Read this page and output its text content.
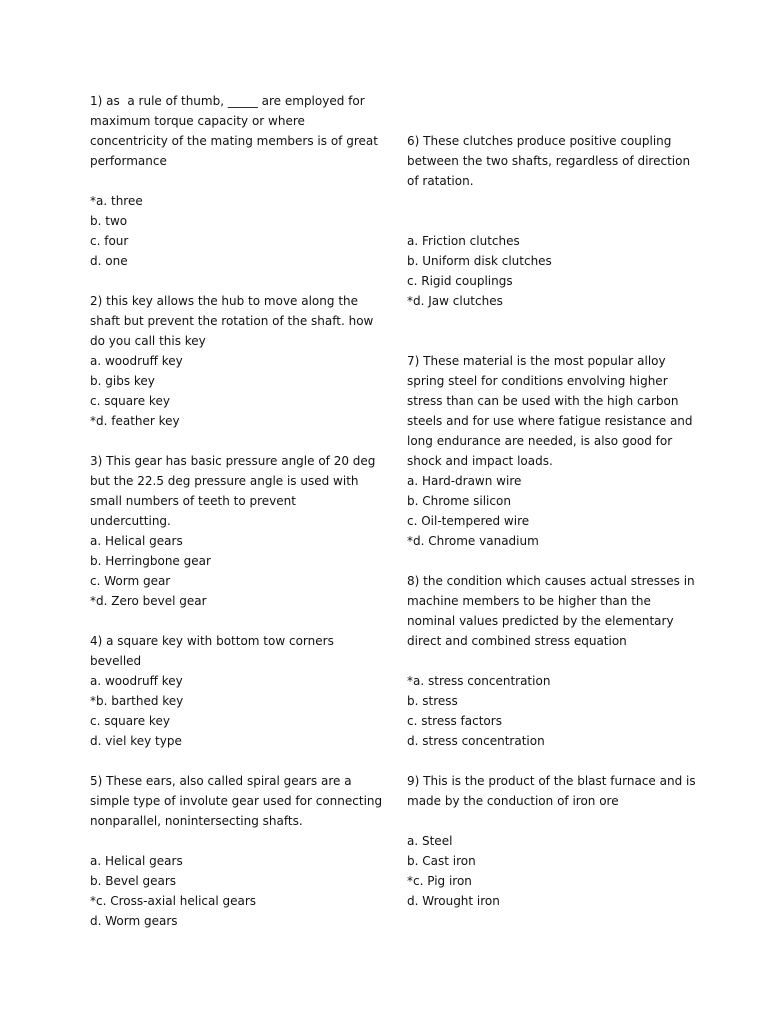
1) as  a rule of thumb, _____ are employed for
maximum torque capacity or where
concentricity of the mating members is of great
performance
*a. three
b. two
c. four
d. one
2) this key allows the hub to move along the
shaft but prevent the rotation of the shaft. how
do you call this key
a. woodruff key
b. gibs key
c. square key
*d. feather key
3) This gear has basic pressure angle of 20 deg
but the 22.5 deg pressure angle is used with
small numbers of teeth to prevent
undercutting.
a. Helical gears
b. Herringbone gear
c. Worm gear
*d. Zero bevel gear
4) a square key with bottom tow corners
bevelled
a. woodruff key
*b. barthed key
c. square key
d. viel key type
5) These ears, also called spiral gears are a
simple type of involute gear used for connecting
nonparallel, nonintersecting shafts.
a. Helical gears
b. Bevel gears
*c. Cross-axial helical gears
d. Worm gears
6) These clutches produce positive coupling
between the two shafts, regardless of direction
of ratation.
a. Friction clutches
b. Uniform disk clutches
c. Rigid couplings
*d. Jaw clutches
7) These material is the most popular alloy
spring steel for conditions envolving higher
stress than can be used with the high carbon
steels and for use where fatigue resistance and
long endurance are needed, is also good for
shock and impact loads.
a. Hard-drawn wire
b. Chrome silicon
c. Oil-tempered wire
*d. Chrome vanadium
8) the condition which causes actual stresses in
machine members to be higher than the
nominal values predicted by the elementary
direct and combined stress equation
*a. stress concentration
b. stress
c. stress factors
d. stress concentration
9) This is the product of the blast furnace and is
made by the conduction of iron ore
a. Steel
b. Cast iron
*c. Pig iron
d. Wrought iron
